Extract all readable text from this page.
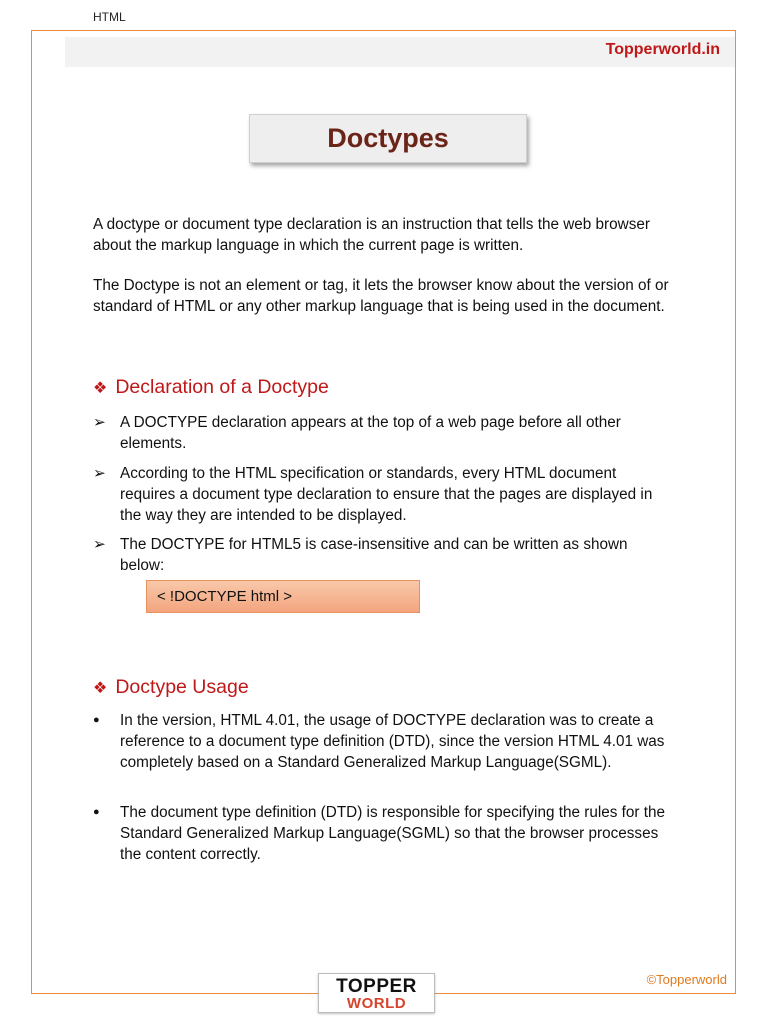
HTML
Topperworld.in
Doctypes

A doctype or document type declaration is an instruction that tells the web browser about the markup language in which the current page is written.

The Doctype is not an element or tag, it lets the browser know about the version of or standard of HTML or any other markup language that is being used in the document.

❖ Declaration of a Doctype
➢ A DOCTYPE declaration appears at the top of a web page before all other elements.
➢ According to the HTML specification or standards, every HTML document requires a document type declaration to ensure that the pages are displayed in the way they are intended to be displayed.
➢ The DOCTYPE for HTML5 is case-insensitive and can be written as shown below:
< !DOCTYPE html >
❖ Doctype Usage
●	In the version, HTML 4.01, the usage of DOCTYPE declaration was to create a reference to a document type definition (DTD), since the version HTML 4.01 was completely based on a Standard Generalized Markup Language(SGML).
●	The document type definition (DTD) is responsible for specifying the rules for the Standard Generalized Markup Language(SGML) so that the browser processes the content correctly.
TOPPER
WORLD
©Topperworld
